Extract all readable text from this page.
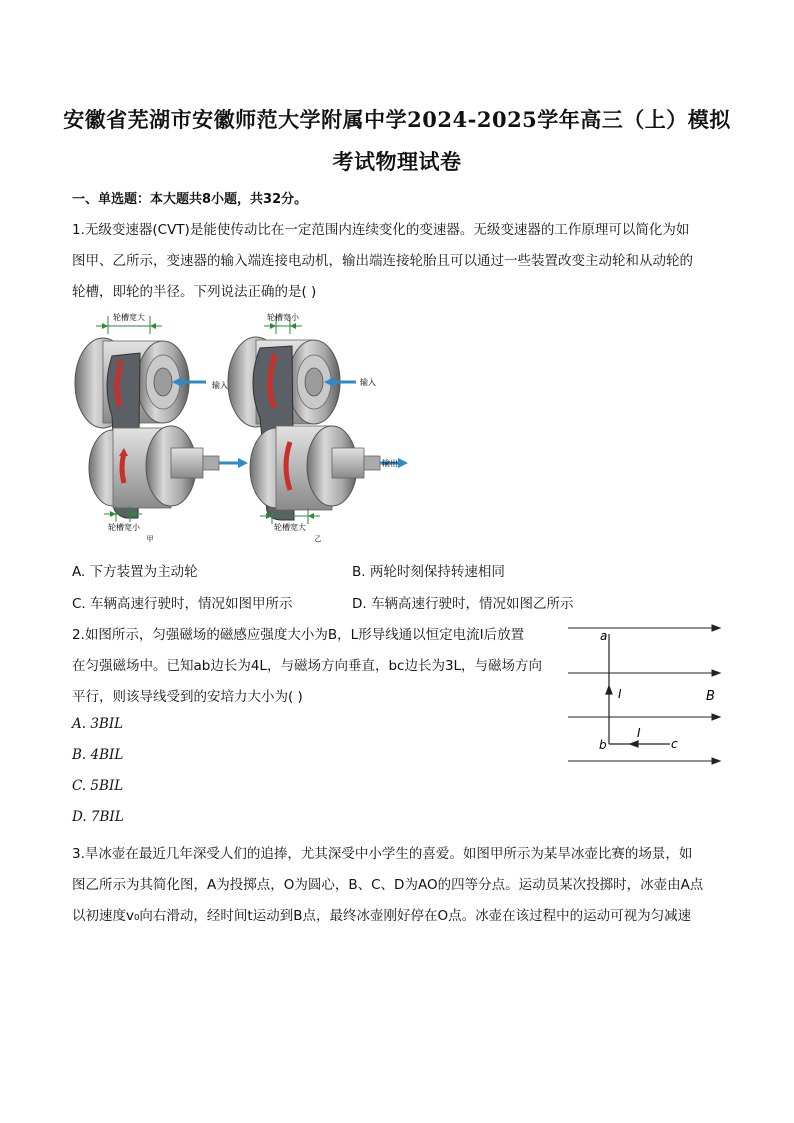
安徽省芜湖市安徽师范大学附属中学2024-2025学年高三（上）模拟
考试物理试卷
一、单选题：本大题共8小题，共32分。
1.无级变速器(CVT)是能使传动比在一定范围内连续变化的变速器。无级变速器的工作原理可以简化为如
图甲、乙所示，变速器的输入端连接电动机，输出端连接轮胎且可以通过一些装置改变主动轮和从动轮的
轮槽，即轮的半径。下列说法正确的是( )
轮槽宽大
输入
轮槽宽小
甲
轮槽宽小
输入
输出
轮槽宽大
乙
A. 下方装置为主动轮	B. 两轮时刻保持转速相同
C. 车辆高速行驶时，情况如图甲所示	D. 车辆高速行驶时，情况如图乙所示
2.如图所示，匀强磁场的磁感应强度大小为B，L形导线通以恒定电流I后放置
在匀强磁场中。已知ab边长为4L，与磁场方向垂直，bc边长为3L，与磁场方向
平行，则该导线受到的安培力大小为( )
A. 3BIL
B. 4BIL
C. 5BIL
D. 7BIL
a
b	c
I
I
B
3.旱冰壶在最近几年深受人们的追捧，尤其深受中小学生的喜爱。如图甲所示为某旱冰壶比赛的场景，如
图乙所示为其简化图，A为投掷点，O为圆心，B、C、D为AO的四等分点。运动员某次投掷时，冰壶由A点
以初速度v₀向右滑动，经时间t运动到B点，最终冰壶刚好停在O点。冰壶在该过程中的运动可视为匀减速
